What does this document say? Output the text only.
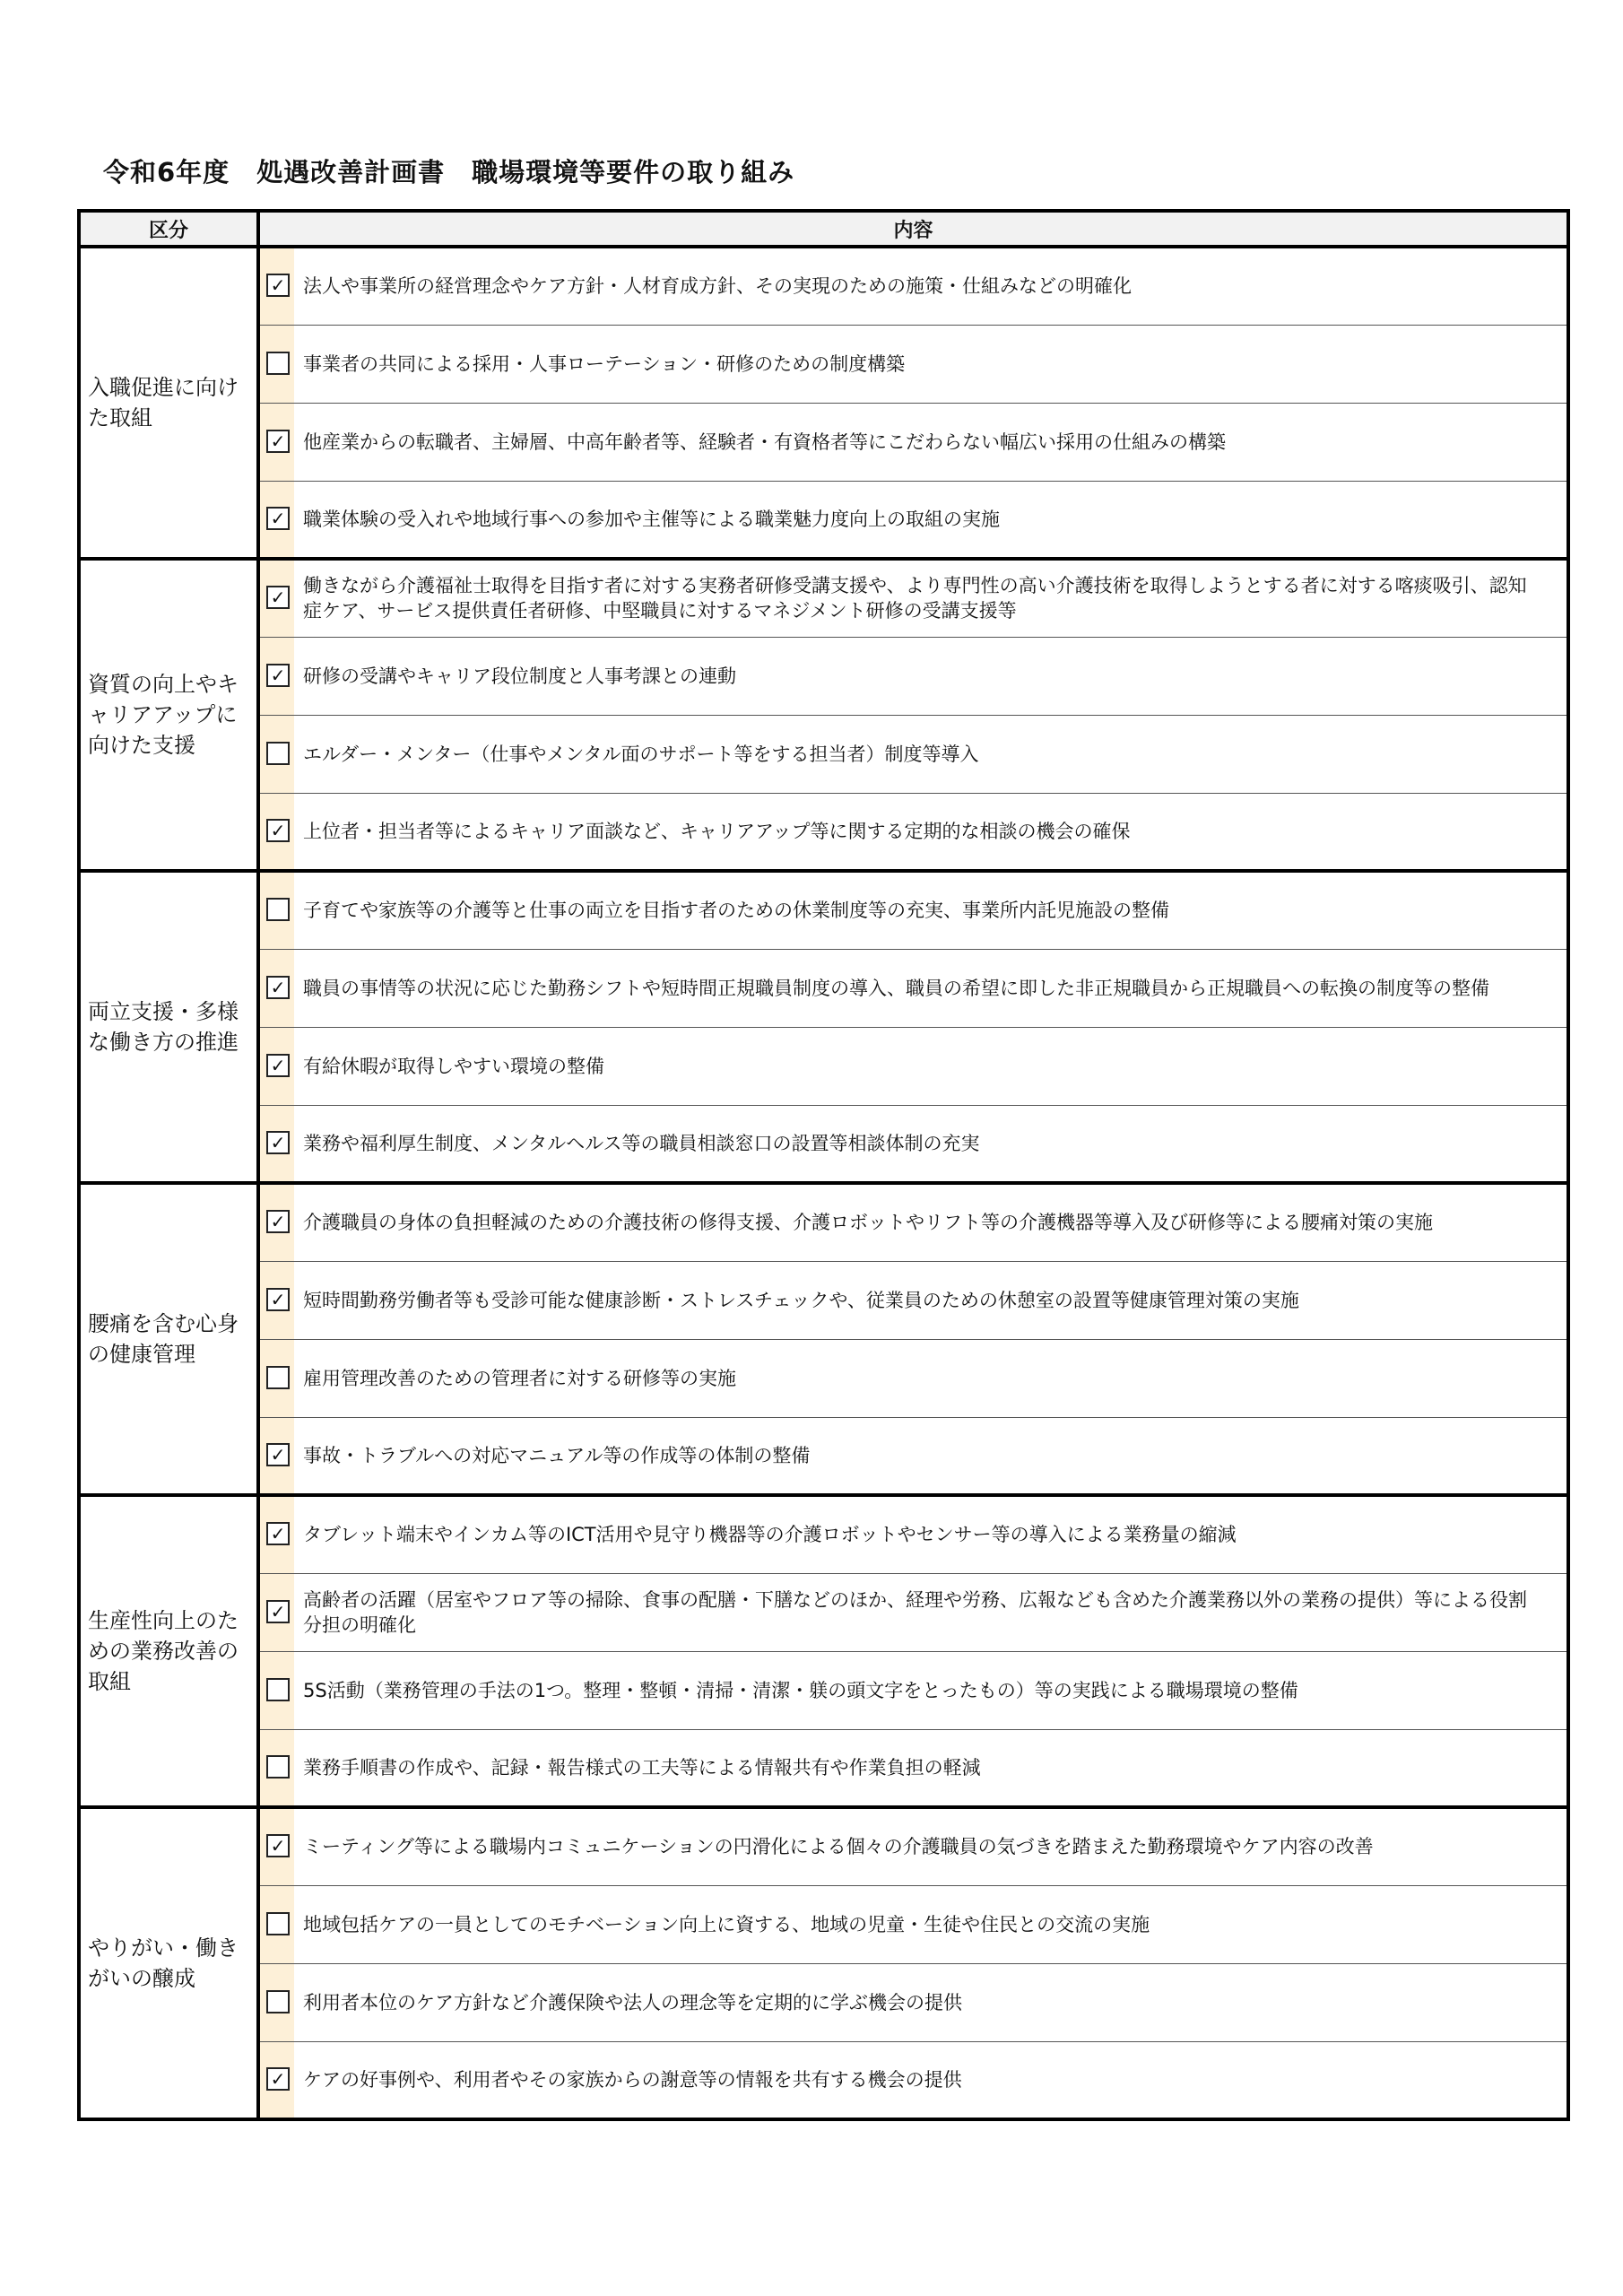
令和6年度　処遇改善計画書　職場環境等要件の取り組み
区分	内容	

入職促進に向けた取組	✓	法人や事業所の経営理念やケア方針・人材育成方針、その実現のための施策・仕組みなどの明確化

		事業者の共同による採用・人事ローテーション・研修のための制度構築

	✓	他産業からの転職者、主婦層、中高年齢者等、経験者・有資格者等にこだわらない幅広い採用の仕組みの構築

	✓	職業体験の受入れや地域行事への参加や主催等による職業魅力度向上の取組の実施

資質の向上やキャリアアップに向けた支援	✓	働きながら介護福祉士取得を目指す者に対する実務者研修受講支援や、より専門性の高い介護技術を取得しようとする者に対する喀痰吸引、認知症ケア、サービス提供責任者研修、中堅職員に対するマネジメント研修の受講支援等

	✓	研修の受講やキャリア段位制度と人事考課との連動

		エルダー・メンター（仕事やメンタル面のサポート等をする担当者）制度等導入

	✓	上位者・担当者等によるキャリア面談など、キャリアアップ等に関する定期的な相談の機会の確保

両立支援・多様な働き方の推進		子育てや家族等の介護等と仕事の両立を目指す者のための休業制度等の充実、事業所内託児施設の整備

	✓	職員の事情等の状況に応じた勤務シフトや短時間正規職員制度の導入、職員の希望に即した非正規職員から正規職員への転換の制度等の整備

	✓	有給休暇が取得しやすい環境の整備

	✓	業務や福利厚生制度、メンタルヘルス等の職員相談窓口の設置等相談体制の充実

腰痛を含む心身の健康管理	✓	介護職員の身体の負担軽減のための介護技術の修得支援、介護ロボットやリフト等の介護機器等導入及び研修等による腰痛対策の実施

	✓	短時間勤務労働者等も受診可能な健康診断・ストレスチェックや、従業員のための休憩室の設置等健康管理対策の実施

		雇用管理改善のための管理者に対する研修等の実施

	✓	事故・トラブルへの対応マニュアル等の作成等の体制の整備

生産性向上のための業務改善の取組	✓	タブレット端末やインカム等のICT活用や見守り機器等の介護ロボットやセンサー等の導入による業務量の縮減

	✓	高齢者の活躍（居室やフロア等の掃除、食事の配膳・下膳などのほか、経理や労務、広報なども含めた介護業務以外の業務の提供）等による役割分担の明確化

		5S活動（業務管理の手法の1つ。整理・整頓・清掃・清潔・躾の頭文字をとったもの）等の実践による職場環境の整備

		業務手順書の作成や、記録・報告様式の工夫等による情報共有や作業負担の軽減

やりがい・働きがいの醸成	✓	ミーティング等による職場内コミュニケーションの円滑化による個々の介護職員の気づきを踏まえた勤務環境やケア内容の改善

		地域包括ケアの一員としてのモチベーション向上に資する、地域の児童・生徒や住民との交流の実施

		利用者本位のケア方針など介護保険や法人の理念等を定期的に学ぶ機会の提供

	✓	ケアの好事例や、利用者やその家族からの謝意等の情報を共有する機会の提供
